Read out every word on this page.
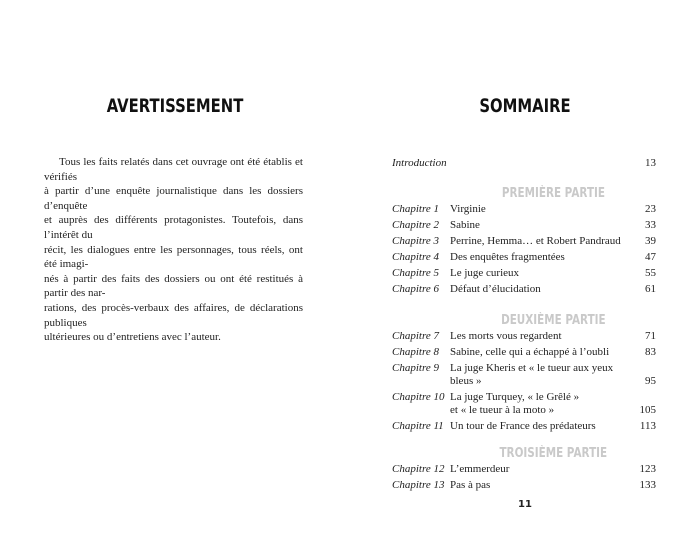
AVERTISSEMENT
Tous les faits relatés dans cet ouvrage ont été établis et vérifiés
à partir d’une enquête journalistique dans les dossiers d’enquête
et auprès des différents protagonistes. Toutefois, dans l’intérêt du
récit, les dialogues entre les personnages, tous réels, ont été imagi-
nés à partir des faits des dossiers ou ont été restitués à partir des nar-
rations, des procès-verbaux des affaires, de déclarations publiques
ultérieures ou d’entretiens avec l’auteur.
SOMMAIRE
Introduction	13
PREMIÈRE PARTIE
Chapitre 1	Virginie	23
Chapitre 2	Sabine	33
Chapitre 3	Perrine, Hemma… et Robert Pandraud	39
Chapitre 4	Des enquêtes fragmentées	47
Chapitre 5	Le juge curieux	55
Chapitre 6	Défaut d’élucidation	61
DEUXIÈME PARTIE
Chapitre 7	Les morts vous regardent	71
Chapitre 8	Sabine, celle qui a échappé à l’oubli	83
Chapitre 9	La juge Kheris et « le tueur aux yeux bleus »	95
Chapitre 10 La juge Turquey, « le Grêlé »
et « le tueur à la moto »	105
Chapitre 11 Un tour de France des prédateurs	113
TROISIÈME PARTIE
Chapitre 12 L’emmerdeur	123
Chapitre 13 Pas à pas	133
11
